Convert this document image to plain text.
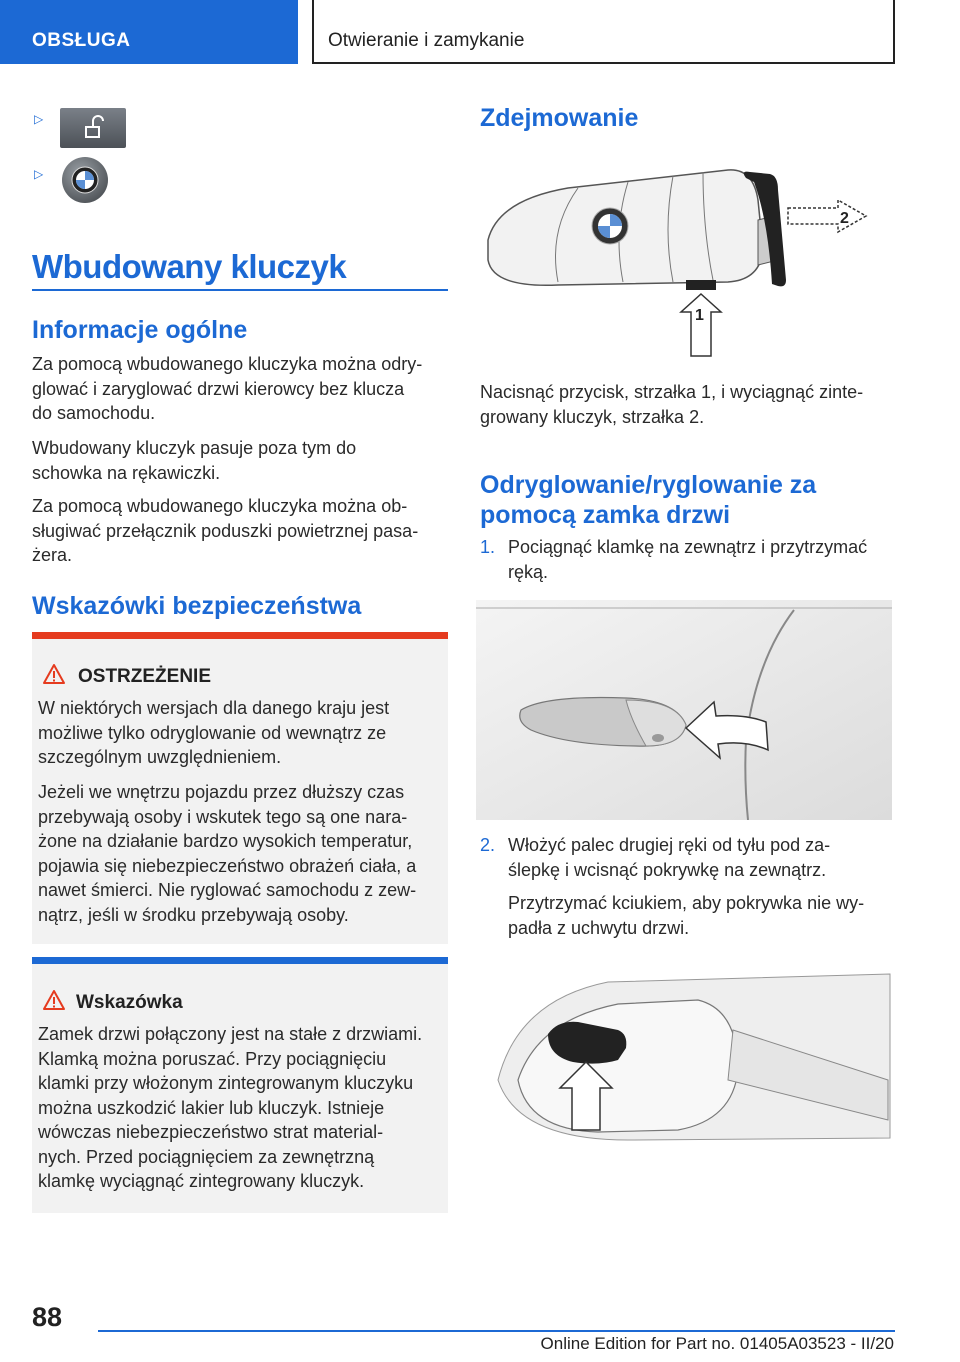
OBSŁUGA	Otwieranie i zamykanie
▷
▷
Wbudowany kluczyk
Informacje ogólne

Za pomocą wbudowanego kluczyka można odry-
glować i zaryglować drzwi kierowcy bez klucza
do samochodu.

Wbudowany kluczyk pasuje poza tym do
schowka na rękawiczki.

Za pomocą wbudowanego kluczyka można ob-
sługiwać przełącznik poduszki powietrznej pasa-
żera.

Wskazówki bezpieczeństwa
OSTRZEŻENIE
W niektórych wersjach dla danego kraju jest
możliwe tylko odryglowanie od wewnątrz ze
szczególnym uwzględnieniem.
Jeżeli we wnętrzu pojazdu przez dłuższy czas
przebywają osoby i wskutek tego są one nara-
żone na działanie bardzo wysokich temperatur,
pojawia się niebezpieczeństwo obrażeń ciała, a
nawet śmierci. Nie ryglować samochodu z zew-
nątrz, jeśli w środku przebywają osoby.
Wskazówka
Zamek drzwi połączony jest na stałe z drzwiami.
Klamką można poruszać. Przy pociągnięciu
klamki przy włożonym zintegrowanym kluczyku
można uszkodzić lakier lub kluczyk. Istnieje
wówczas niebezpieczeństwo strat material-
nych. Przed pociągnięciem za zewnętrzną
klamkę wyciągnąć zintegrowany kluczyk.
Zdejmowanie
2
1

Nacisnąć przycisk, strzałka 1, i wyciągnąć zinte-
growany kluczyk, strzałka 2.

Odryglowanie/ryglowanie za
pomocą zamka drzwi
1. Pociągnąć klamkę na zewnątrz i przytrzymać
ręką.

2. Włożyć palec drugiej ręki od tyłu pod za-
ślepkę i wcisnąć pokrywkę na zewnątrz.

Przytrzymać kciukiem, aby pokrywka nie wy-
padła z uchwytu drzwi.

88
Online Edition for Part no. 01405A03523 - II/20
